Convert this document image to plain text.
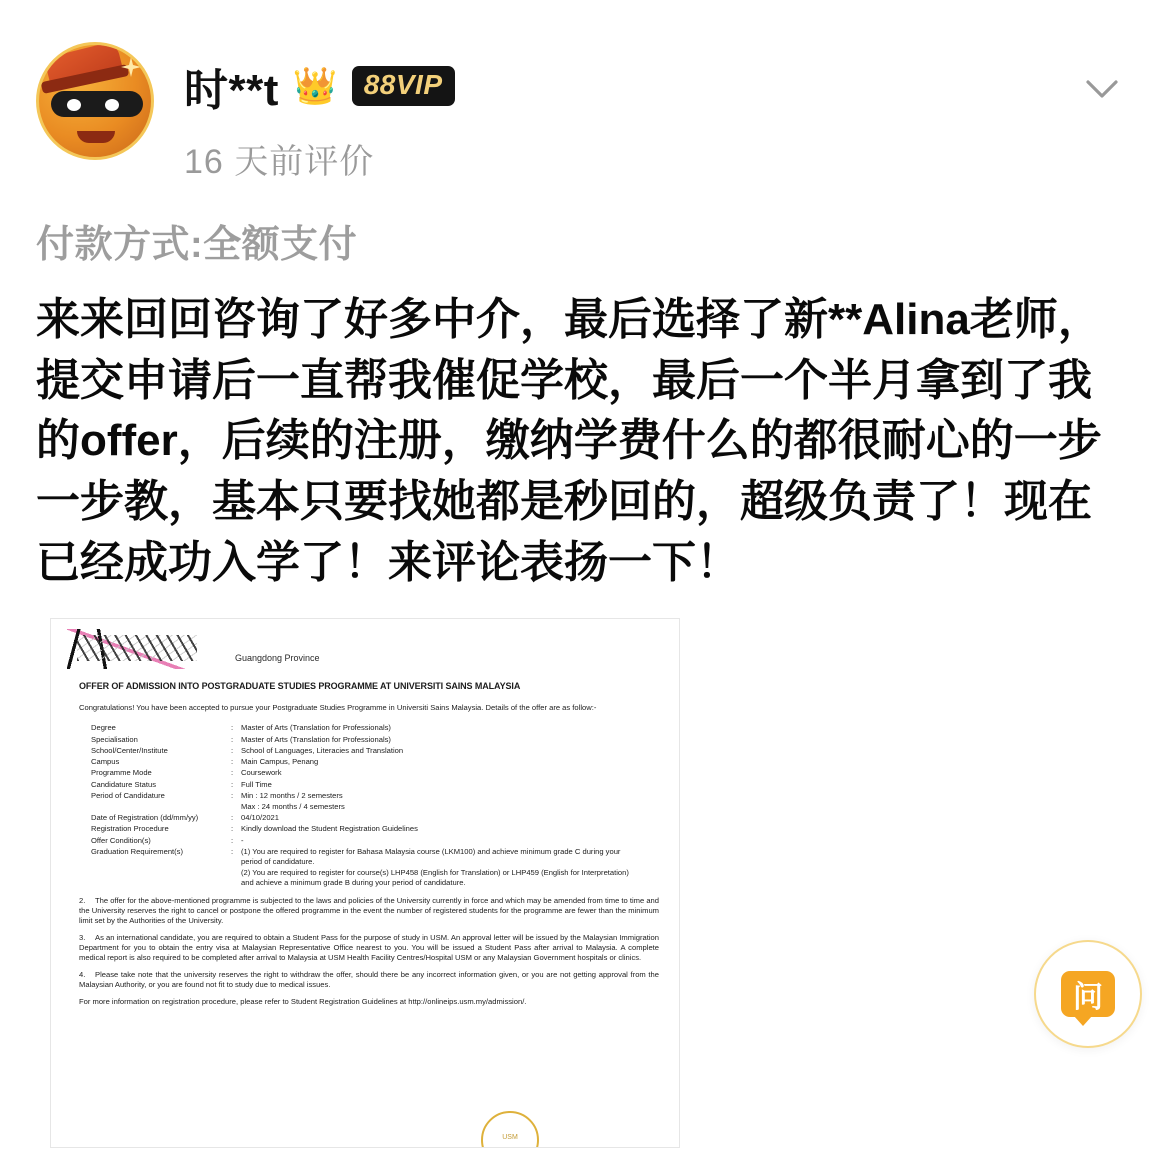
时**t 👑 88VIP
16 天前评价
付款方式:全额支付
来来回回咨询了好多中介，最后选择了新**Alina老师，提交申请后一直帮我催促学校，最后一个半月拿到了我的offer，后续的注册，缴纳学费什么的都很耐心的一步一步教，基本只要找她都是秒回的，超级负责了！现在已经成功入学了！来评论表扬一下！
Guangdong Province
OFFER OF ADMISSION INTO POSTGRADUATE STUDIES PROGRAMME AT UNIVERSITI SAINS MALAYSIA
Congratulations! You have been accepted to pursue your Postgraduate Studies Programme in Universiti Sains Malaysia. Details of the offer are as follow:-
Degree	:	Master of Arts (Translation for Professionals)
Specialisation	:	Master of Arts (Translation for Professionals)
School/Center/Institute	:	School of Languages, Literacies and Translation
Campus	:	Main Campus, Penang
Programme Mode	:	Coursework
Candidature Status	:	Full Time
Period of Candidature	:	Min : 12 months / 2 semesters
		Max : 24 months / 4 semesters
Date of Registration (dd/mm/yy)	:	04/10/2021
Registration Procedure	:	Kindly download the Student Registration Guidelines
Offer Condition(s)	:	-
Graduation Requirement(s)	:	(1) You are required to register for Bahasa Malaysia course (LKM100) and achieve minimum grade C during your period of candidature.
		(2) You are required to register for course(s) LHP458 (English for Translation) or LHP459 (English for Interpretation) and achieve a minimum grade B during your period of candidature.
2. The offer for the above-mentioned programme is subjected to the laws and policies of the University currently in force and which may be amended from time to time and the University reserves the right to cancel or postpone the offered programme in the event the number of registered students for the programme are fewer than the minimum limit set by the Authorities of the University.
3. As an international candidate, you are required to obtain a Student Pass for the purpose of study in USM. An approval letter will be issued by the Malaysian Immigration Department for you to obtain the entry visa at Malaysian Representative Office nearest to you. You will be issued a Student Pass after arrival to Malaysia. A complete medical report is also required to be completed after arrival to Malaysia at USM Health Facility Centres/Hospital USM or any Malaysian Government hospitals or clinics.
4. Please take note that the university reserves the right to withdraw the offer, should there be any incorrect information given, or you are not getting approval from the Malaysian Authority, or you are found not fit to study due to medical issues.
For more information on registration procedure, please refer to Student Registration Guidelines at http://onlineips.usm.my/admission/.
USM
问
